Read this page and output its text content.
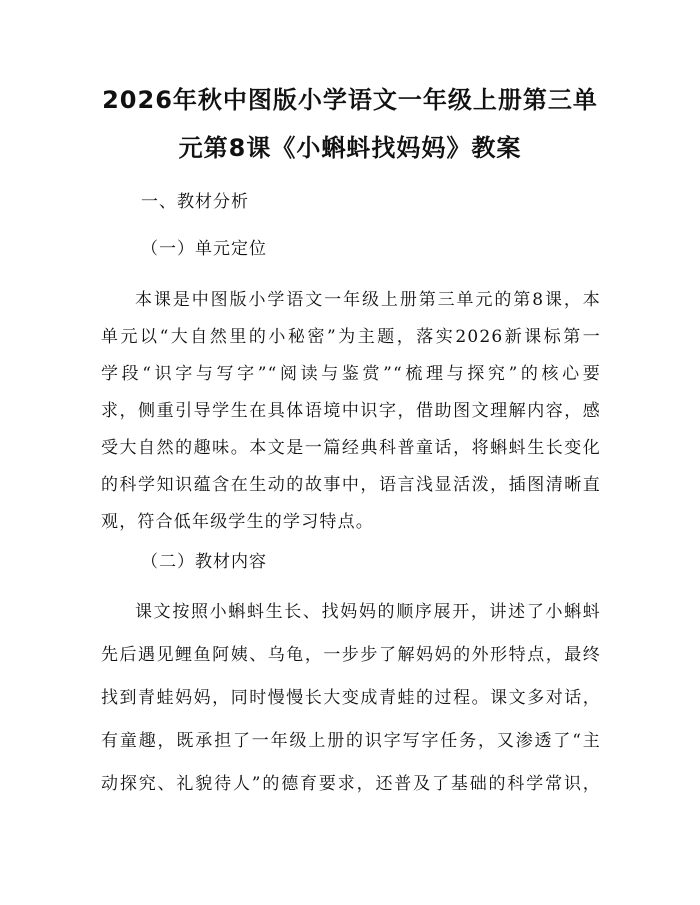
2026年秋中图版小学语文一年级上册第三单
元第8课《小蝌蚪找妈妈》教案

一、教材分析

（一）单元定位

本课是中图版小学语文一年级上册第三单元的第8课，本

单元以“大自然里的小秘密”为主题，落实2026新课标第一

学段“识字与写字”“阅读与鉴赏”“梳理与探究”的核心要

求，侧重引导学生在具体语境中识字，借助图文理解内容，感

受大自然的趣味。本文是一篇经典科普童话，将蝌蚪生长变化

的科学知识蕴含在生动的故事中，语言浅显活泼，插图清晰直

观，符合低年级学生的学习特点。

（二）教材内容

课文按照小蝌蚪生长、找妈妈的顺序展开，讲述了小蝌蚪

先后遇见鲤鱼阿姨、乌龟，一步步了解妈妈的外形特点，最终

找到青蛙妈妈，同时慢慢长大变成青蛙的过程。课文多对话，

有童趣，既承担了一年级上册的识字写字任务，又渗透了“主

动探究、礼貌待人”的德育要求，还普及了基础的科学常识，
